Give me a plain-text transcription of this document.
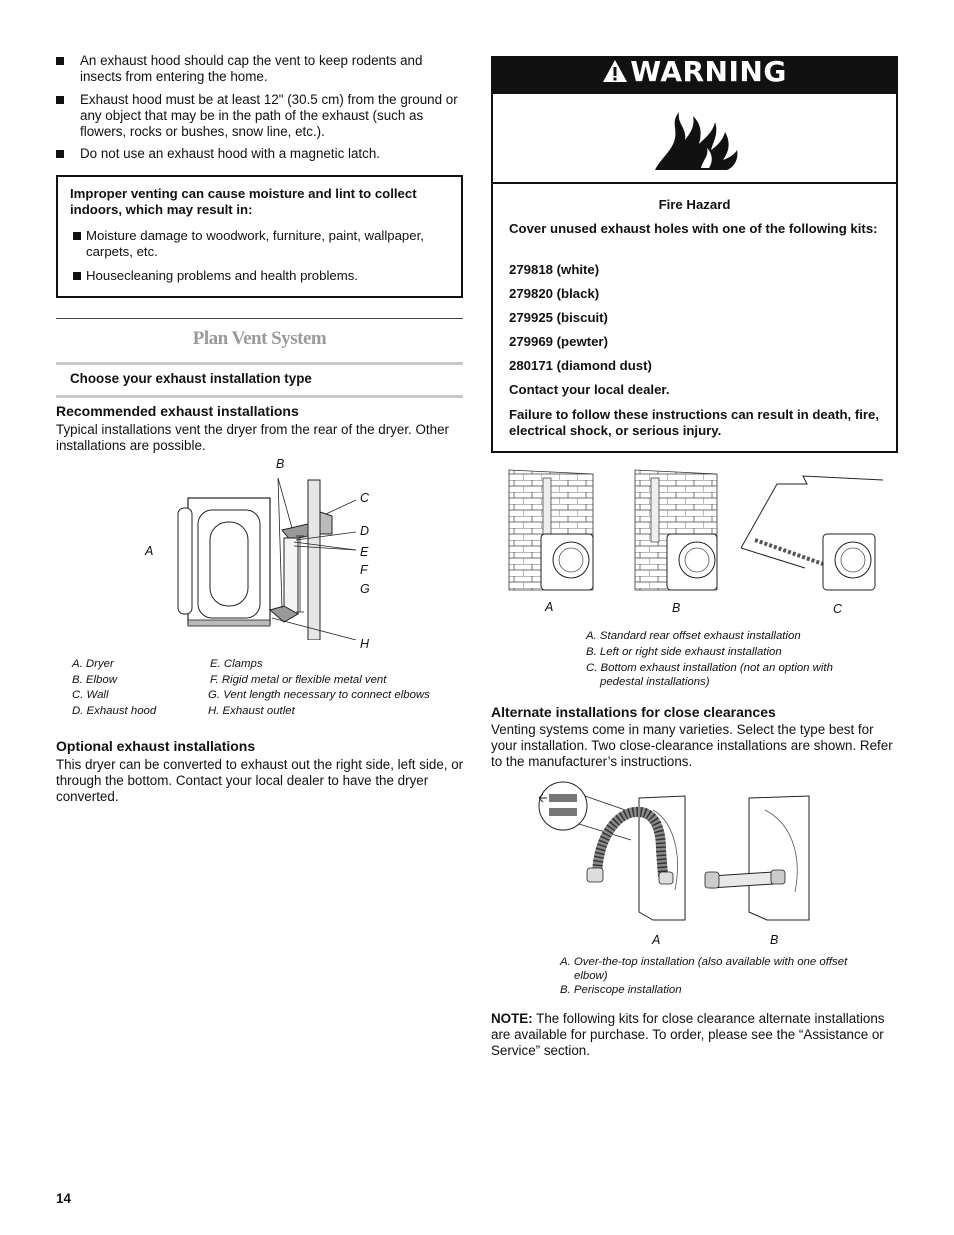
An exhaust hood should cap the vent to keep rodents and insects from entering the home.
Exhaust hood must be at least 12" (30.5 cm) from the ground or any object that may be in the path of the exhaust (such as flowers, rocks or bushes, snow line, etc.).
Do not use an exhaust hood with a magnetic latch.
Improper venting can cause moisture and lint to collect indoors, which may result in:
Moisture damage to woodwork, furniture, paint, wallpaper, carpets, etc.
Housecleaning problems and health problems.
Plan Vent System
Choose your exhaust installation type
Recommended exhaust installations
Typical installations vent the dryer from the rear of the dryer. Other installations are possible.
B
C
D
A	E
F
G
H
A. Dryer
B. Elbow
C. Wall
D. Exhaust hood
E. Clamps
F. Rigid metal or flexible metal vent
G. Vent length necessary to connect elbows
H. Exhaust outlet
Optional exhaust installations
This dryer can be converted to exhaust out the right side, left side, or through the bottom. Contact your local dealer to have the dryer converted.
WARNING
Fire Hazard
Cover unused exhaust holes with one of the following kits:
279818 (white)
279820 (black)
279925 (biscuit)
279969 (pewter)
280171 (diamond dust)
Contact your local dealer.
Failure to follow these instructions can result in death, fire, electrical shock, or serious injury.
A	B	C
A. Standard rear offset exhaust installation
B. Left or right side exhaust installation
C. Bottom exhaust installation (not an option with pedestal installations)
Alternate installations for close clearances
Venting systems come in many varieties. Select the type best for your installation. Two close-clearance installations are shown. Refer to the manufacturer’s instructions.
A	B
A. Over-the-top installation (also available with one offset elbow)
B. Periscope installation
NOTE: The following kits for close clearance alternate installations are available for purchase. To order, please see the “Assistance or Service” section.
14
